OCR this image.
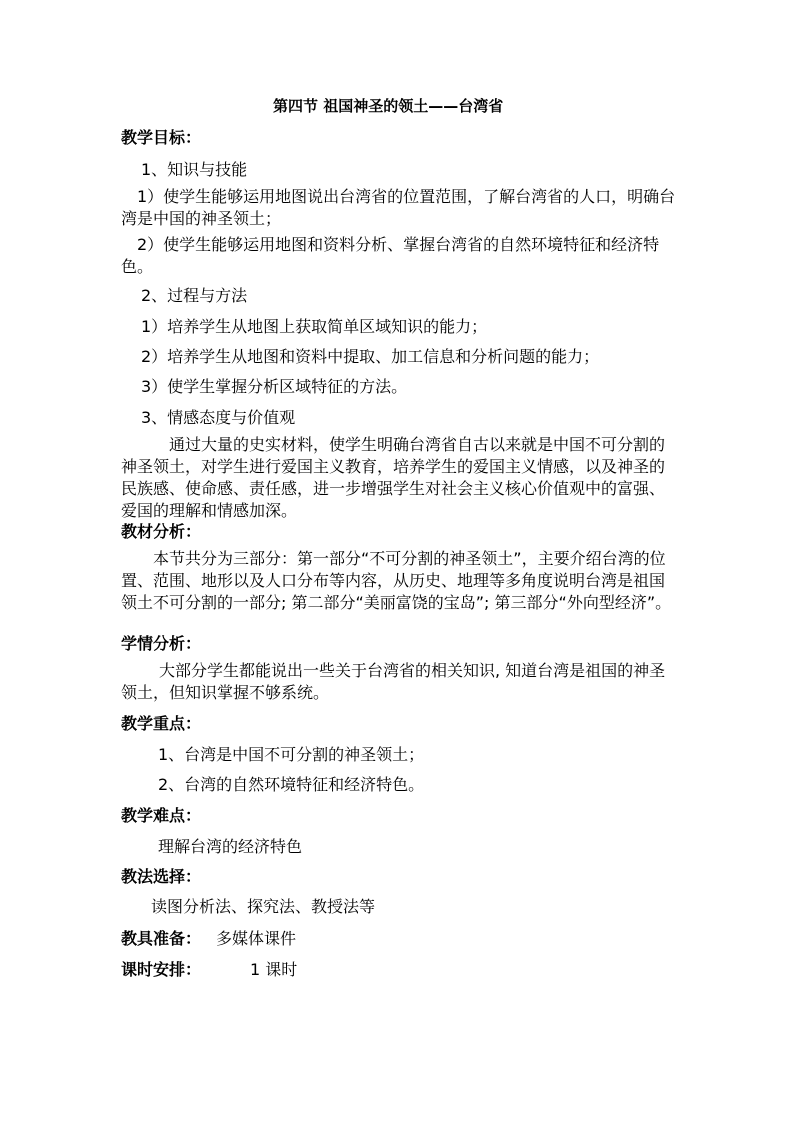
第四节 祖国神圣的领土——台湾省
教学目标：
1、知识与技能
1）使学生能够运用地图说出台湾省的位置范围，了解台湾省的人口，明确台湾是中国的神圣领土；
2）使学生能够运用地图和资料分析、掌握台湾省的自然环境特征和经济特色。
2、过程与方法
1）培养学生从地图上获取简单区域知识的能力；
2）培养学生从地图和资料中提取、加工信息和分析问题的能力；
3）使学生掌握分析区域特征的方法。
3、情感态度与价值观
通过大量的史实材料，使学生明确台湾省自古以来就是中国不可分割的神圣领土，对学生进行爱国主义教育，培养学生的爱国主义情感，以及神圣的民族感、使命感、责任感，进一步增强学生对社会主义核心价值观中的富强、爱国的理解和情感加深。
教材分析：
本节共分为三部分：第一部分“不可分割的神圣领土”，主要介绍台湾的位置、范围、地形以及人口分布等内容，从历史、地理等多角度说明台湾是祖国领土不可分割的一部分; 第二部分“美丽富饶的宝岛”; 第三部分“外向型经济”。
学情分析：
大部分学生都能说出一些关于台湾省的相关知识, 知道台湾是祖国的神圣领土，但知识掌握不够系统。
教学重点：
1、台湾是中国不可分割的神圣领土；
2、台湾的自然环境特征和经济特色。
教学难点：
理解台湾的经济特色
教法选择：
读图分析法、探究法、教授法等
教具准备： 多媒体课件
课时安排：	1 课时
